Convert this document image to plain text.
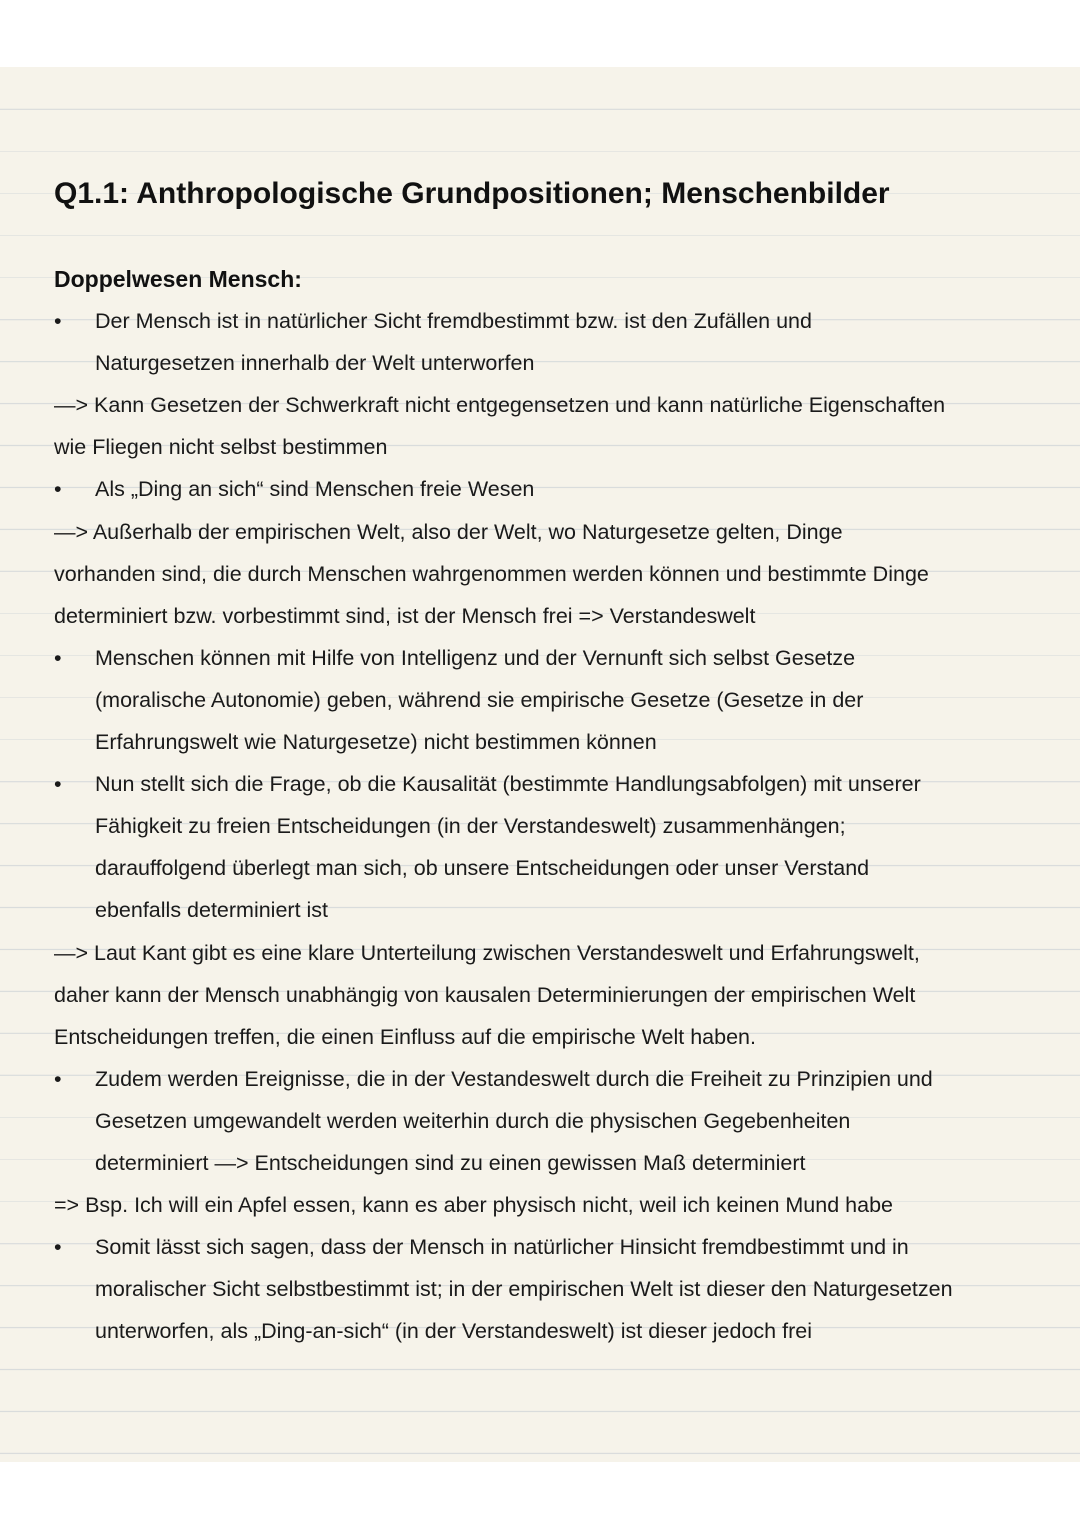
Q1.1: Anthropologische Grundpositionen; Menschenbilder
Doppelwesen Mensch:
•	Der Mensch ist in natürlicher Sicht fremdbestimmt bzw. ist den Zufällen und
Naturgesetzen innerhalb der Welt unterworfen
—> Kann Gesetzen der Schwerkraft nicht entgegensetzen und kann natürliche Eigenschaften
wie Fliegen nicht selbst bestimmen
•	Als „Ding an sich“ sind Menschen freie Wesen
—> Außerhalb der empirischen Welt, also der Welt, wo Naturgesetze gelten, Dinge
vorhanden sind, die durch Menschen wahrgenommen werden können und bestimmte Dinge
determiniert bzw. vorbestimmt sind, ist der Mensch frei => Verstandeswelt
•	Menschen können mit Hilfe von Intelligenz und der Vernunft sich selbst Gesetze
(moralische Autonomie) geben, während sie empirische Gesetze (Gesetze in der
Erfahrungswelt wie Naturgesetze) nicht bestimmen können
•	Nun stellt sich die Frage, ob die Kausalität (bestimmte Handlungsabfolgen) mit unserer
Fähigkeit zu freien Entscheidungen (in der Verstandeswelt) zusammenhängen;
darauffolgend überlegt man sich, ob unsere Entscheidungen oder unser Verstand
ebenfalls determiniert ist
—> Laut Kant gibt es eine klare Unterteilung zwischen Verstandeswelt und Erfahrungswelt,
daher kann der Mensch unabhängig von kausalen Determinierungen der empirischen Welt
Entscheidungen treffen, die einen Einfluss auf die empirische Welt haben.
•	Zudem werden Ereignisse, die in der Vestandeswelt durch die Freiheit zu Prinzipien und
Gesetzen umgewandelt werden weiterhin durch die physischen Gegebenheiten
determiniert —> Entscheidungen sind zu einen gewissen Maß determiniert
=> Bsp. Ich will ein Apfel essen, kann es aber physisch nicht, weil ich keinen Mund habe
•	Somit lässt sich sagen, dass der Mensch in natürlicher Hinsicht fremdbestimmt und in
moralischer Sicht selbstbestimmt ist; in der empirischen Welt ist dieser den Naturgesetzen
unterworfen, als „Ding-an-sich“ (in der Verstandeswelt) ist dieser jedoch frei
